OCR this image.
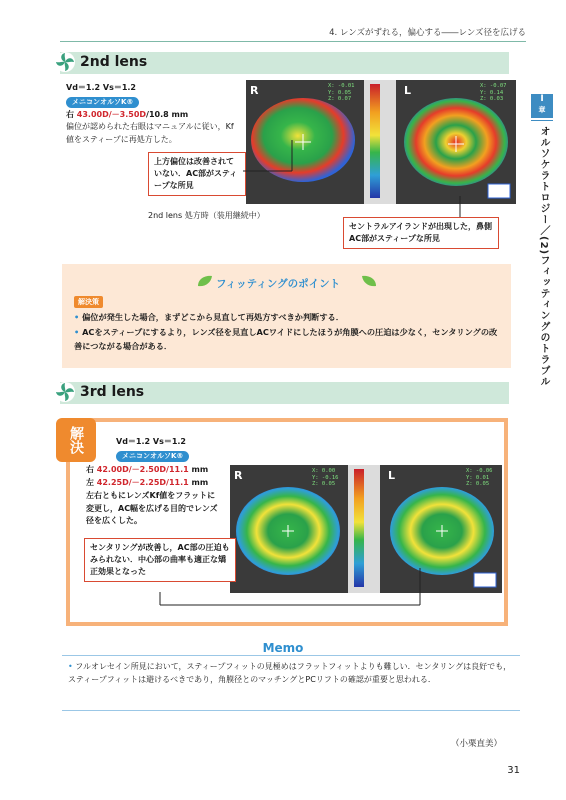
4. レンズがずれる，偏心する――レンズ径を広げる
I
章
オルソケラトロジー／(2)フィッティングのトラブル
2nd lens
Vd＝1.2 Vs＝1.2
メニコンオルソK®
右 43.00D/－3.50D/10.8 mm
偏位が認められた右眼はマニュアルに従い，Kf値をスティープに再処方した。
R	L
X: -0.01
Y: 0.05
Z: 0.07
X: -0.07
Y: 0.14
Z: 0.03
上方偏位は改善されていない．AC部がスティープな所見
2nd lens 処方時（装用継続中）
セントラルアイランドが出現した，鼻側AC部がスティープな所見
フィッティングのポイント
解決策
• 偏位が発生した場合，まずどこから見直して再処方すべきか判断する．
• ACをスティープにするより，レンズ径を見直しACワイドにしたほうが角膜への圧迫は少なく，センタリングの改善につながる場合がある．
3rd lens
解決	Vd＝1.2 Vs＝1.2
メニコンオルソK®
右 42.00D/－2.50D/11.1 mm
左 42.25D/－2.25D/11.1 mm
左右ともにレンズKf値をフラットに変更し，AC幅を広げる目的でレンズ径を広くした。
R	L
X: 0.00
Y: -0.16
Z: 0.05
X: -0.06
Y: 0.01
Z: 0.05
センタリングが改善し，AC部の圧迫もみられない．中心部の曲率も適正な矯正効果となった
Memo
• フルオレセイン所見において，スティープフィットの見極めはフラットフィットよりも難しい．センタリングは良好でも，スティープフィットは避けるべきであり，角膜径とのマッチングとPCリフトの確認が重要と思われる．
（小栗直美）
31
